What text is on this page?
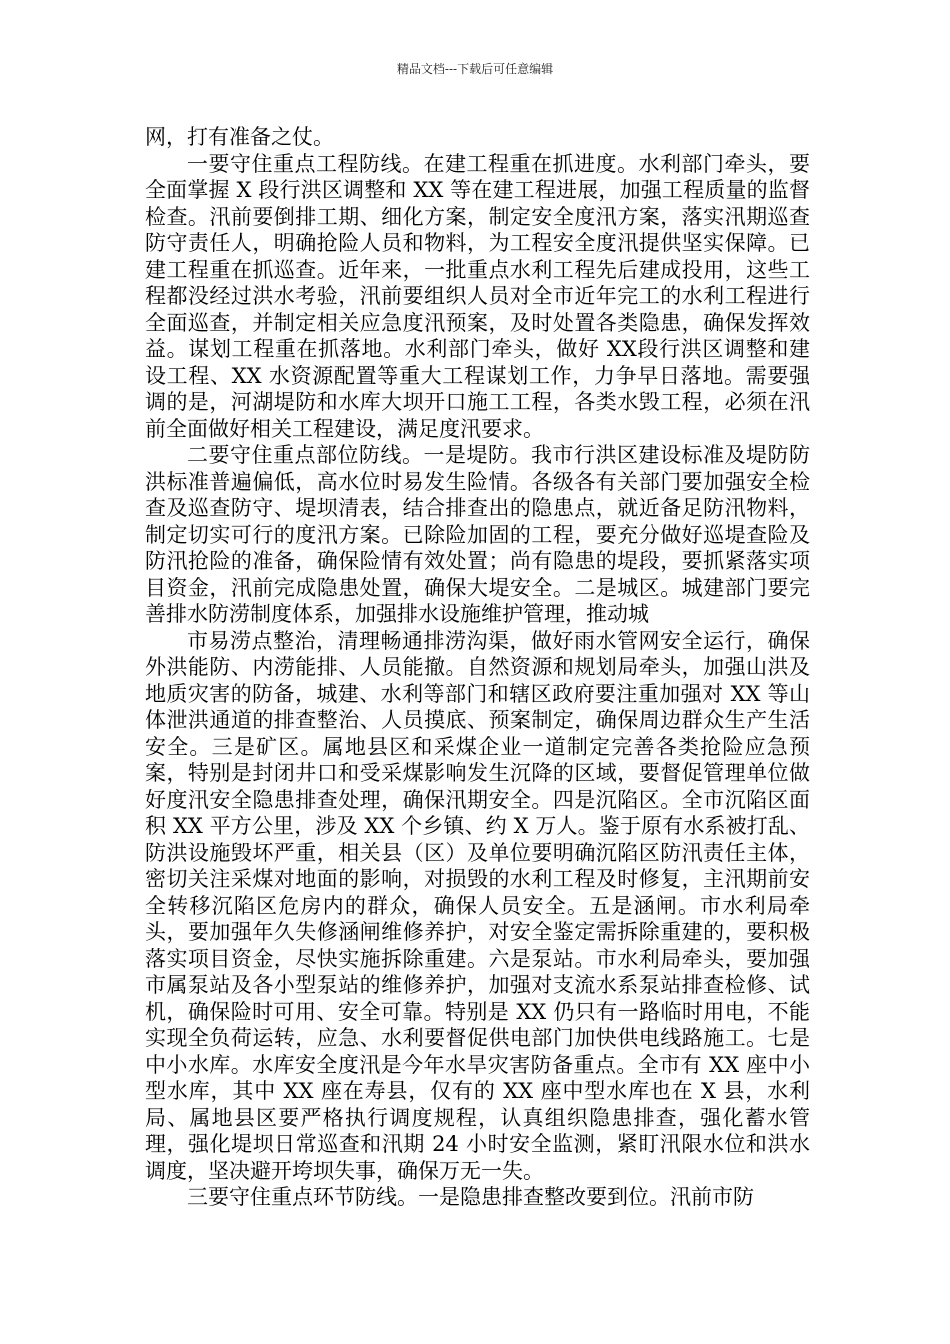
精品文档---下载后可任意编辑

网，打有准备之仗。

一要守住重点工程防线。在建工程重在抓进度。水利部门牵头，要全面掌握 X 段行洪区调整和 XX 等在建工程进展，加强工程质量的监督检查。汛前要倒排工期、细化方案，制定安全度汛方案，落实汛期巡查防守责任人，明确抢险人员和物料，为工程安全度汛提供坚实保障。已建工程重在抓巡查。近年来，一批重点水利工程先后建成投用，这些工程都没经过洪水考验，汛前要组织人员对全市近年完工的水利工程进行全面巡查，并制定相关应急度汛预案，及时处置各类隐患，确保发挥效益。谋划工程重在抓落地。水利部门牵头，做好 XX段行洪区调整和建设工程、XX 水资源配置等重大工程谋划工作，力争早日落地。需要强调的是，河湖堤防和水库大坝开口施工工程，各类水毁工程，必须在汛前全面做好相关工程建设，满足度汛要求。

二要守住重点部位防线。一是堤防。我市行洪区建设标准及堤防防洪标准普遍偏低，高水位时易发生险情。各级各有关部门要加强安全检查及巡查防守、堤坝清表，结合排查出的隐患点，就近备足防汛物料，制定切实可行的度汛方案。已除险加固的工程，要充分做好巡堤查险及防汛抢险的准备，确保险情有效处置；尚有隐患的堤段，要抓紧落实项目资金，汛前完成隐患处置，确保大堤安全。二是城区。城建部门要完善排水防涝制度体系，加强排水设施维护管理，推动城

市易涝点整治，清理畅通排涝沟渠，做好雨水管网安全运行，确保外洪能防、内涝能排、人员能撤。自然资源和规划局牵头，加强山洪及地质灾害的防备，城建、水利等部门和辖区政府要注重加强对 XX 等山体泄洪通道的排查整治、人员摸底、预案制定，确保周边群众生产生活安全。三是矿区。属地县区和采煤企业一道制定完善各类抢险应急预案，特别是封闭井口和受采煤影响发生沉降的区域，要督促管理单位做好度汛安全隐患排查处理，确保汛期安全。四是沉陷区。全市沉陷区面积 XX 平方公里，涉及 XX 个乡镇、约 X 万人。鉴于原有水系被打乱、防洪设施毁坏严重，相关县（区）及单位要明确沉陷区防汛责任主体，密切关注采煤对地面的影响，对损毁的水利工程及时修复，主汛期前安全转移沉陷区危房内的群众，确保人员安全。五是涵闸。市水利局牵头，要加强年久失修涵闸维修养护，对安全鉴定需拆除重建的，要积极落实项目资金，尽快实施拆除重建。六是泵站。市水利局牵头，要加强市属泵站及各小型泵站的维修养护，加强对支流水系泵站排查检修、试机，确保险时可用、安全可靠。特别是 XX 仍只有一路临时用电，不能实现全负荷运转，应急、水利要督促供电部门加快供电线路施工。七是中小水库。水库安全度汛是今年水旱灾害防备重点。全市有 XX 座中小型水库，其中 XX 座在寿县，仅有的 XX 座中型水库也在 X 县，水利局、属地县区要严格执行调度规程，认真组织隐患排查，强化蓄水管理，强化堤坝日常巡查和汛期 24 小时安全监测，紧盯汛限水位和洪水调度，坚决避开垮坝失事，确保万无一失。

三要守住重点环节防线。一是隐患排查整改要到位。汛前市防
